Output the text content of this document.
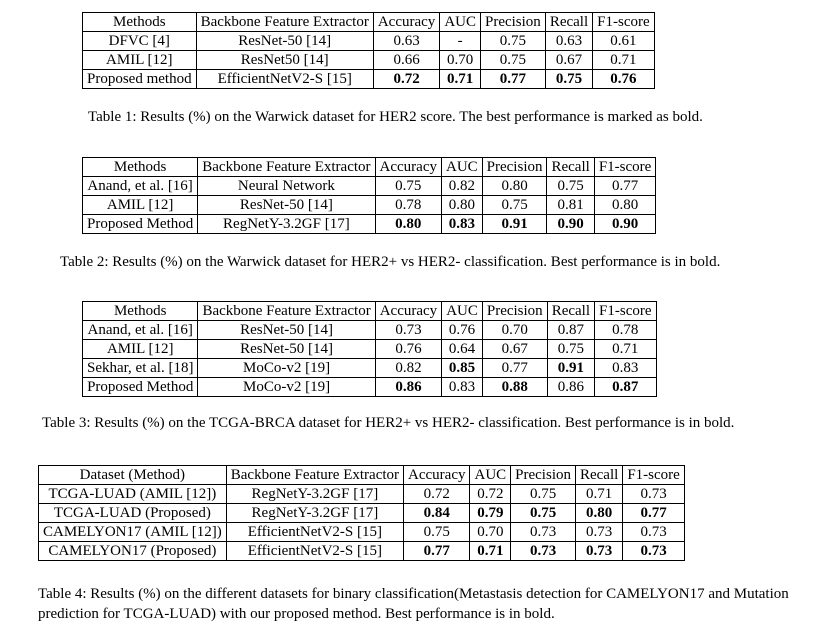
Methods	Backbone Feature Extractor	Accuracy	AUC	Precision	Recall	F1-score
DFVC [4]	ResNet-50 [14]	0.63	-	0.75	0.63	0.61
AMIL [12]	ResNet50 [14]	0.66	0.70	0.75	0.67	0.71
Proposed method	EfficientNetV2-S [15]	0.72	0.71	0.77	0.75	0.76
Table 1: Results (%) on the Warwick dataset for HER2 score. The best performance is marked as bold.
Methods	Backbone Feature Extractor	Accuracy	AUC	Precision	Recall	F1-score
Anand, et al. [16]	Neural Network	0.75	0.82	0.80	0.75	0.77
AMIL [12]	ResNet-50 [14]	0.78	0.80	0.75	0.81	0.80
Proposed Method	RegNetY-3.2GF [17]	0.80	0.83	0.91	0.90	0.90
Table 2: Results (%) on the Warwick dataset for HER2+ vs HER2- classification. Best performance is in bold.
Methods	Backbone Feature Extractor	Accuracy	AUC	Precision	Recall	F1-score
Anand, et al. [16]	ResNet-50 [14]	0.73	0.76	0.70	0.87	0.78
AMIL [12]	ResNet-50 [14]	0.76	0.64	0.67	0.75	0.71
Sekhar, et al. [18]	MoCo-v2 [19]	0.82	0.85	0.77	0.91	0.83
Proposed Method	MoCo-v2 [19]	0.86	0.83	0.88	0.86	0.87
Table 3: Results (%) on the TCGA-BRCA dataset for HER2+ vs HER2- classification. Best performance is in bold.
Dataset (Method)	Backbone Feature Extractor	Accuracy	AUC	Precision	Recall	F1-score
TCGA-LUAD (AMIL [12])	RegNetY-3.2GF [17]	0.72	0.72	0.75	0.71	0.73
TCGA-LUAD (Proposed)	RegNetY-3.2GF [17]	0.84	0.79	0.75	0.80	0.77
CAMELYON17 (AMIL [12])	EfficientNetV2-S [15]	0.75	0.70	0.73	0.73	0.73
CAMELYON17 (Proposed)	EfficientNetV2-S [15]	0.77	0.71	0.73	0.73	0.73
Table 4: Results (%) on the different datasets for binary classification(Metastasis detection for CAMELYON17 and Mutation prediction for TCGA-LUAD) with our proposed method. Best performance is in bold.
